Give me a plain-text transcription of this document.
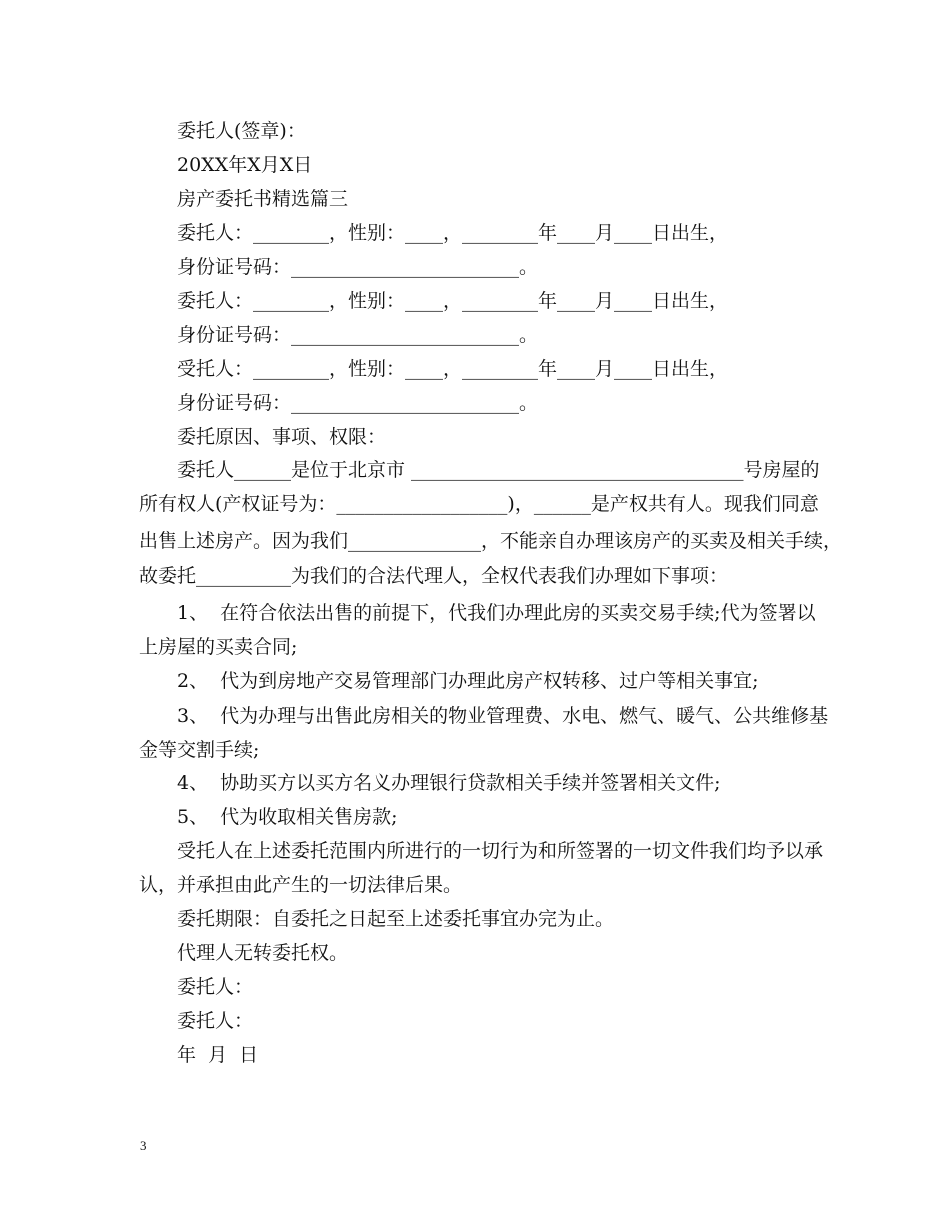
委托人(签章)：
20XX年X月X日
房产委托书精选篇三
委托人：________，性别：____，________年____月____日出生，
身份证号码：________________________。
委托人：________，性别：____，________年____月____日出生，
身份证号码：________________________。
受托人：________，性别：____，________年____月____日出生，
身份证号码：________________________。
委托原因、事项、权限：
委托人______是位于北京市 ___________________________________号房屋的
所有权人(产权证号为：__________________)，______是产权共有人。现我们同意
出售上述房产。因为我们______________，不能亲自办理该房产的买卖及相关手续，
故委托__________为我们的合法代理人，全权代表我们办理如下事项：
1、  在符合依法出售的前提下，代我们办理此房的买卖交易手续;代为签署以
上房屋的买卖合同;
2、  代为到房地产交易管理部门办理此房产权转移、过户等相关事宜;
3、  代为办理与出售此房相关的物业管理费、水电、燃气、暖气、公共维修基
金等交割手续;
4、  协助买方以买方名义办理银行贷款相关手续并签署相关文件;
5、  代为收取相关售房款;
受托人在上述委托范围内所进行的一切行为和所签署的一切文件我们均予以承
认，并承担由此产生的一切法律后果。
委托期限：自委托之日起至上述委托事宜办完为止。
代理人无转委托权。
委托人：
委托人：
年  月  日
3
